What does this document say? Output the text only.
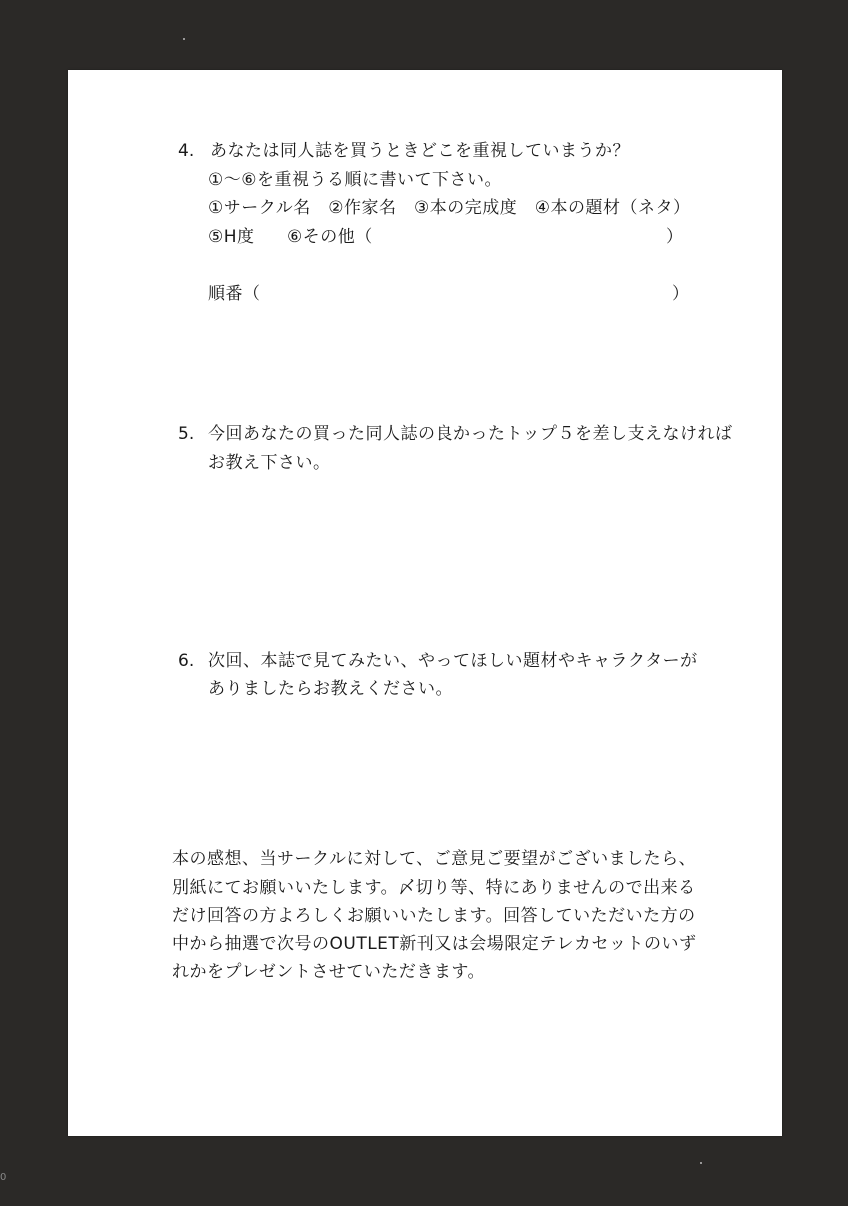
4. あなたは同人誌を買うときどこを重視していまうか？
①～⑥を重視うる順に書いて下さい。
①サークル名　②作家名　③本の完成度　④本の題材（ネタ）
⑤H度 ⑥その他（	）
順番（	）
5. 今回あなたの買った同人誌の良かったトップ５を差し支えなければ
お教え下さい。
6. 次回、本誌で見てみたい、やってほしい題材やキャラクターが
ありましたらお教えください。
本の感想、当サークルに対して、ご意見ご要望がございましたら、
別紙にてお願いいたします。〆切り等、特にありませんので出来る
だけ回答の方よろしくお願いいたします。回答していただいた方の
中から抽選で次号のOUTLET新刊又は会場限定テレカセットのいず
れかをプレゼントさせていただきます。
0
